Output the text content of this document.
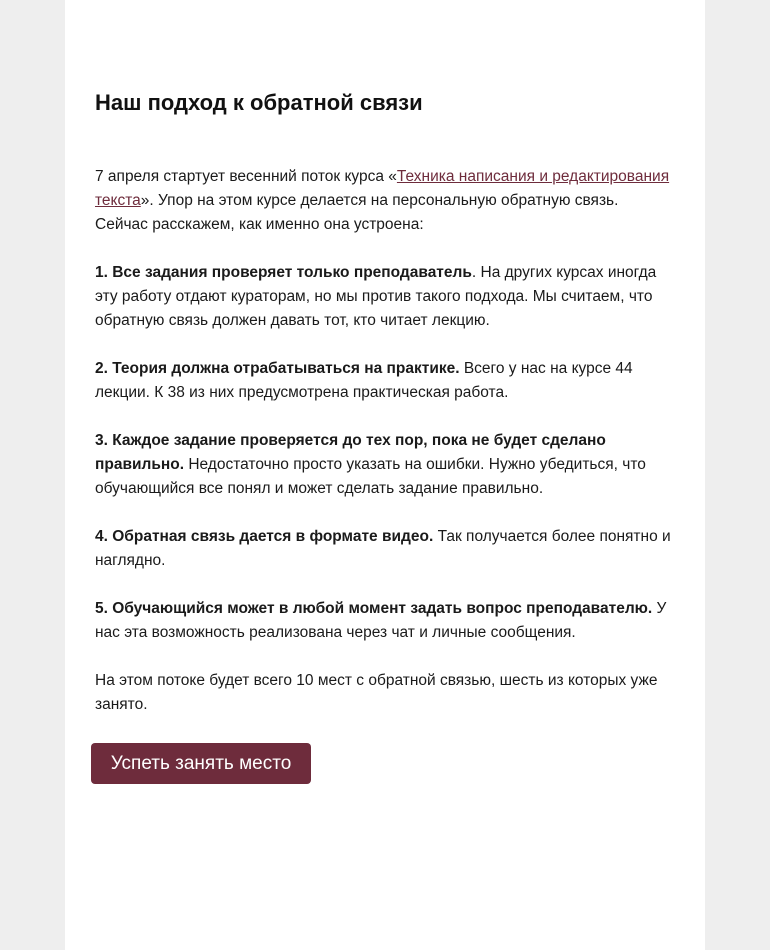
Наш подход к обратной связи

7 апреля стартует весенний поток курса «Техника написания и редактирования текста». Упор на этом курсе делается на персональную обратную связь. Сейчас расскажем, как именно она устроена:

1. Все задания проверяет только преподаватель. На других курсах иногда эту работу отдают кураторам, но мы против такого подхода. Мы считаем, что обратную связь должен давать тот, кто читает лекцию.

2. Теория должна отрабатываться на практике. Всего у нас на курсе 44 лекции. К 38 из них предусмотрена практическая работа.

3. Каждое задание проверяется до тех пор, пока не будет сделано правильно. Недостаточно просто указать на ошибки. Нужно убедиться, что обучающийся все понял и может сделать задание правильно.

4. Обратная связь дается в формате видео. Так получается более понятно и наглядно.

5. Обучающийся может в любой момент задать вопрос преподавателю. У нас эта возможность реализована через чат и личные сообщения.

На этом потоке будет всего 10 мест с обратной связью, шесть из которых уже занято.

Успеть занять место
